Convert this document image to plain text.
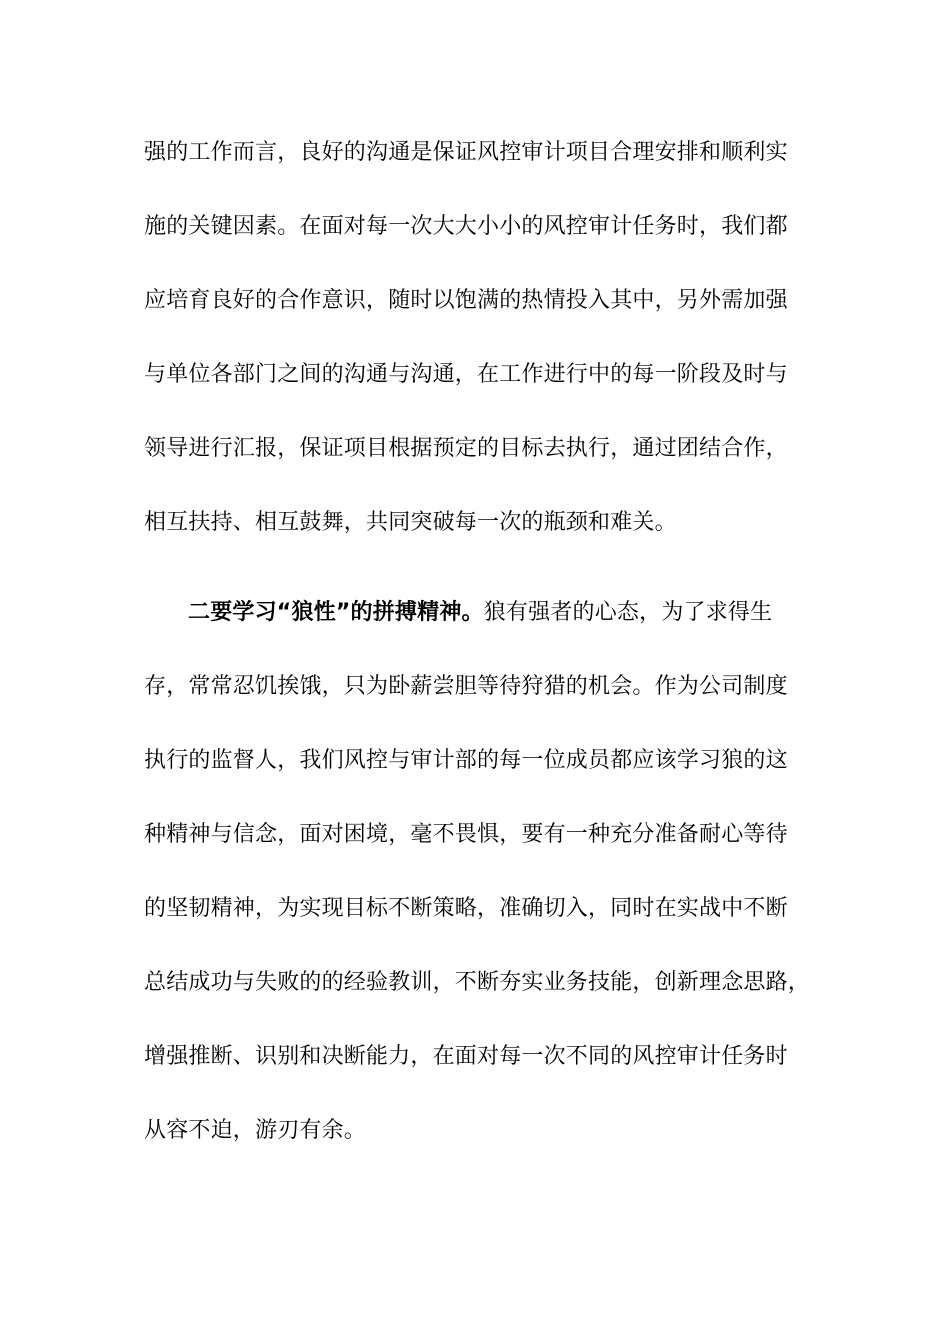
强的工作而言，良好的沟通是保证风控审计项目合理安排和顺利实
施的关键因素。在面对每一次大大小小的风控审计任务时，我们都
应培育良好的合作意识，随时以饱满的热情投入其中，另外需加强
与单位各部门之间的沟通与沟通，在工作进行中的每一阶段及时与
领导进行汇报，保证项目根据预定的目标去执行，通过团结合作，
相互扶持、相互鼓舞，共同突破每一次的瓶颈和难关。
二要学习“狼性”的拼搏精神。狼有强者的心态，为了求得生
存，常常忍饥挨饿，只为卧薪尝胆等待狩猎的机会。作为公司制度
执行的监督人，我们风控与审计部的每一位成员都应该学习狼的这
种精神与信念，面对困境，毫不畏惧，要有一种充分准备耐心等待
的坚韧精神，为实现目标不断策略，准确切入，同时在实战中不断
总结成功与失败的的经验教训，不断夯实业务技能，创新理念思路，
增强推断、识别和决断能力，在面对每一次不同的风控审计任务时
从容不迫，游刃有余。
